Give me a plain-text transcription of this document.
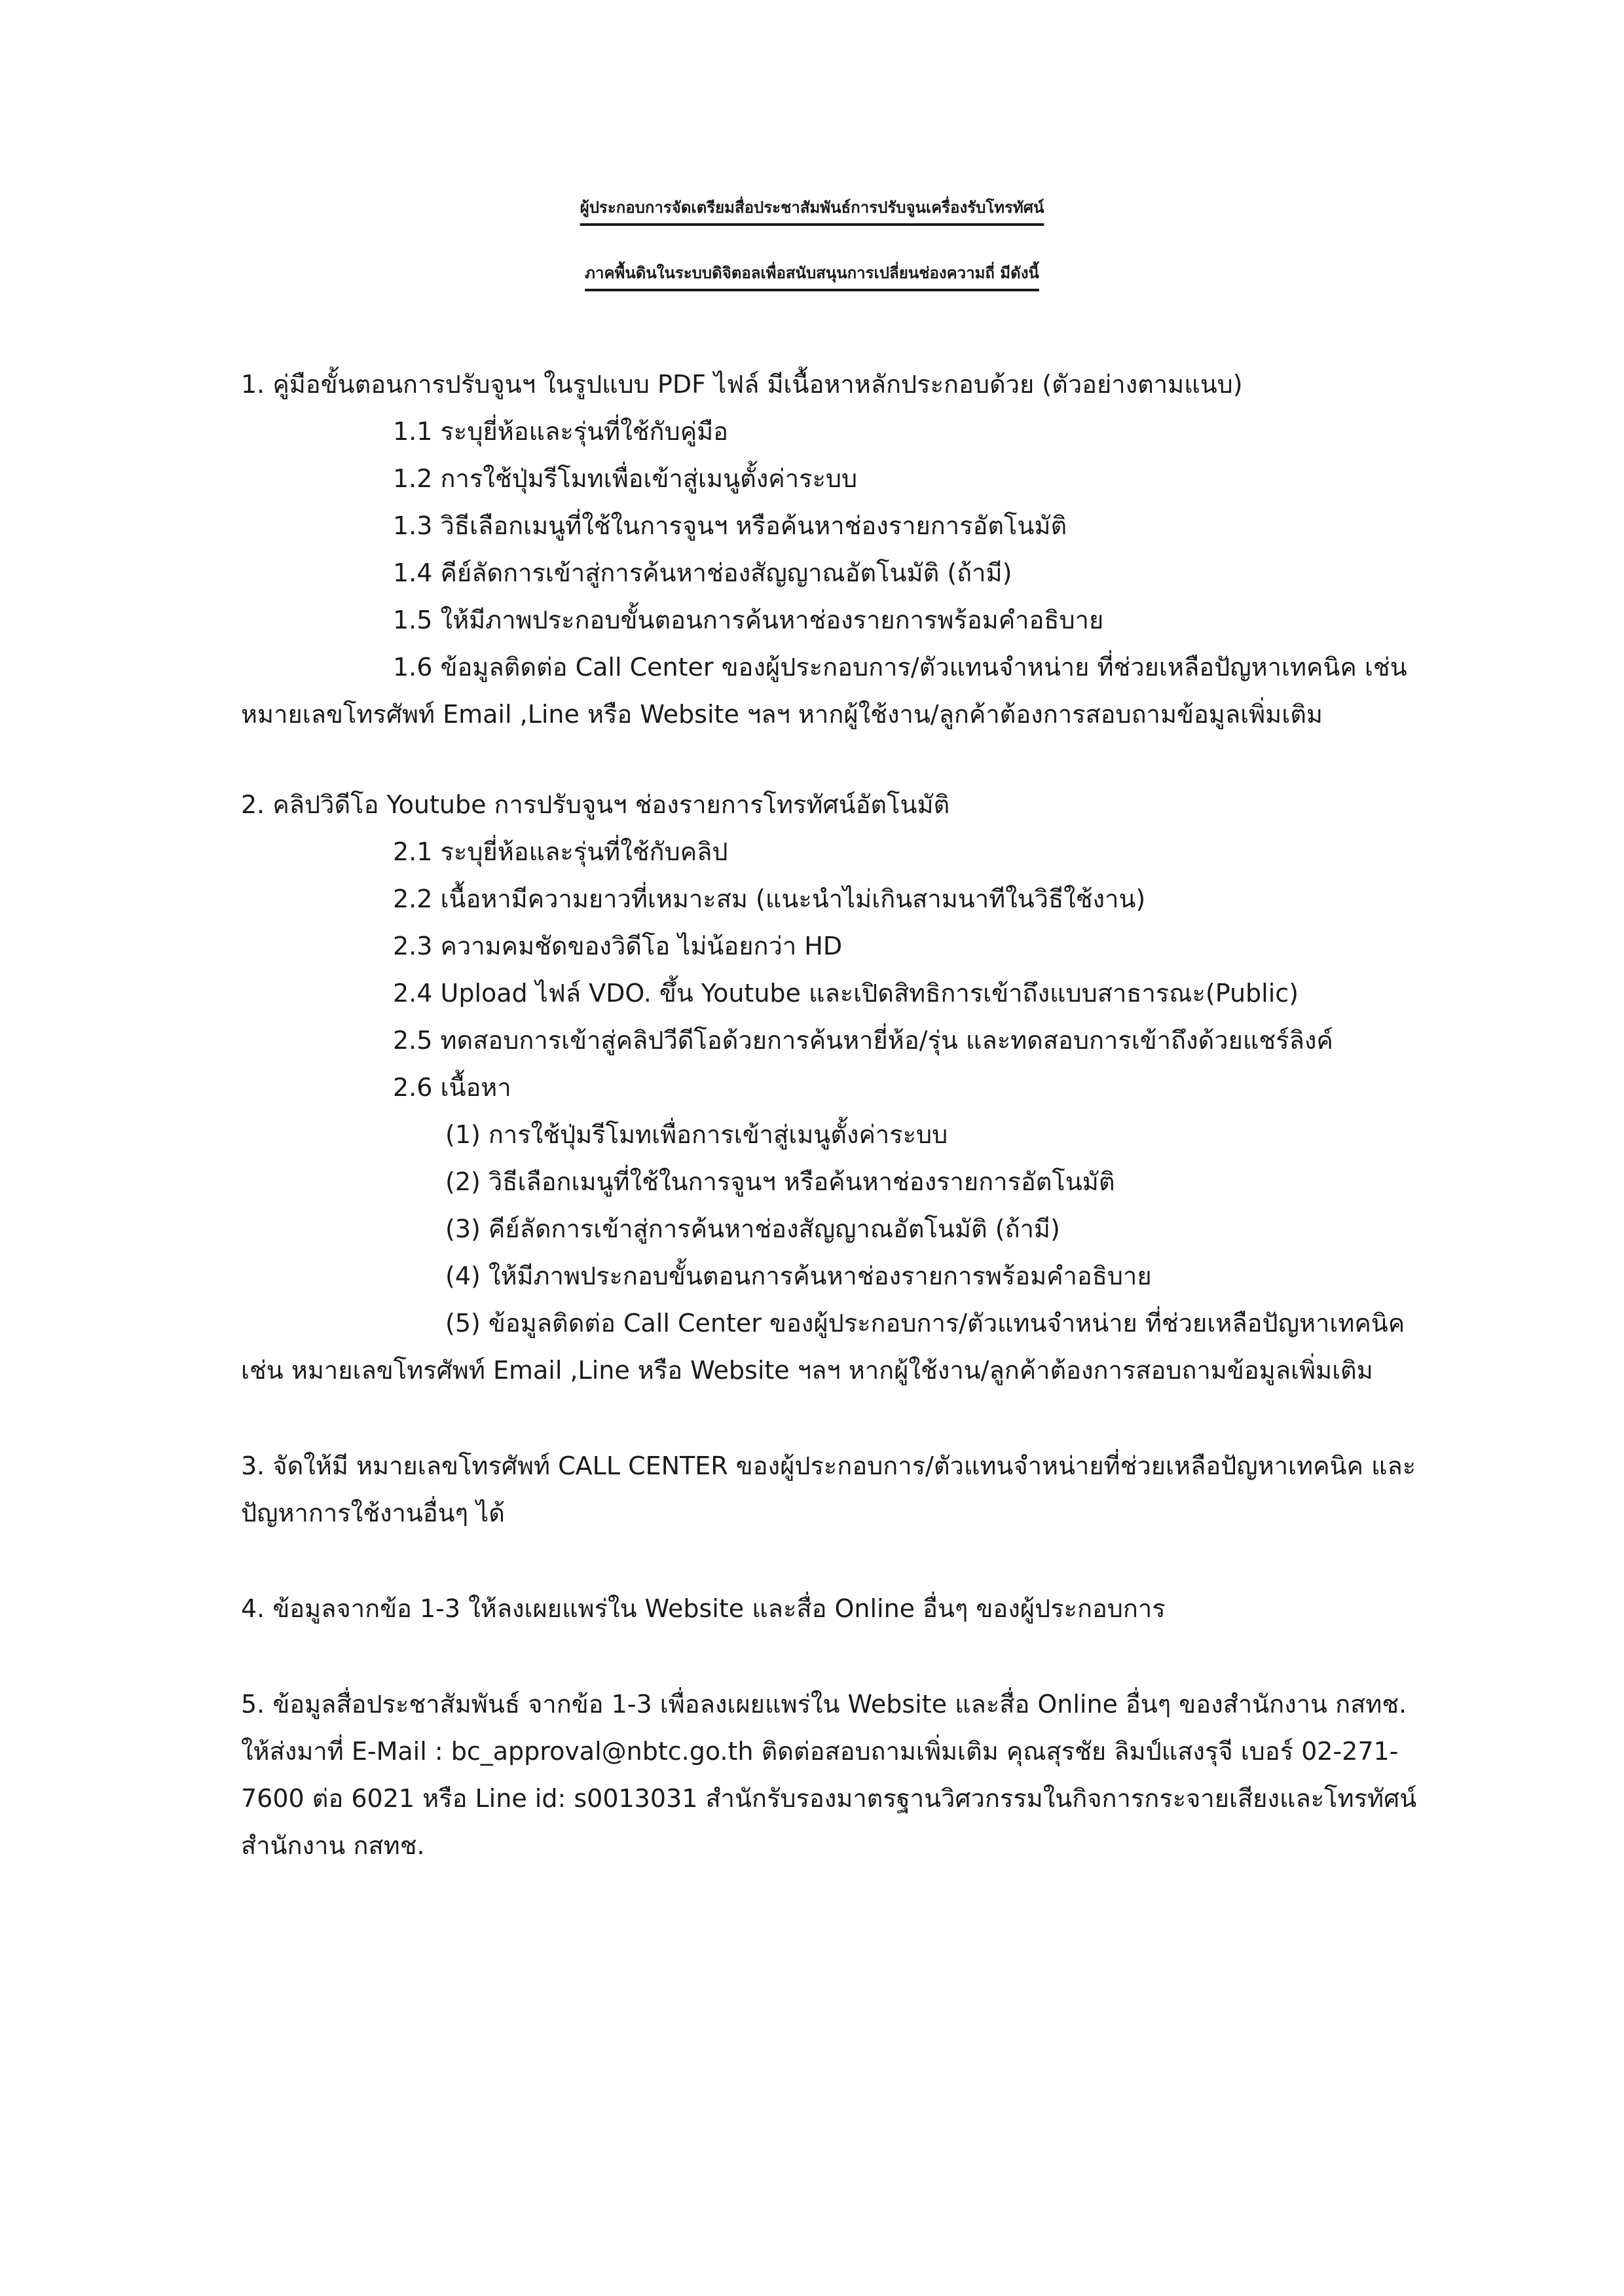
ผู้ประกอบการจัดเตรียมสื่อประชาสัมพันธ์การปรับจูนเครื่องรับโทรทัศน์
ภาคพื้นดินในระบบดิจิตอลเพื่อสนับสนุนการเปลี่ยนช่องความถี่ มีดังนี้
1. คู่มือขั้นตอนการปรับจูนฯ ในรูปแบบ PDF ไฟล์ มีเนื้อหาหลักประกอบด้วย (ตัวอย่างตามแนบ)
1.1 ระบุยี่ห้อและรุ่นที่ใช้กับคู่มือ
1.2 การใช้ปุ่มรีโมทเพื่อเข้าสู่เมนูตั้งค่าระบบ
1.3 วิธีเลือกเมนูที่ใช้ในการจูนฯ หรือค้นหาช่องรายการอัตโนมัติ
1.4 คีย์ลัดการเข้าสู่การค้นหาช่องสัญญาณอัตโนมัติ (ถ้ามี)
1.5 ให้มีภาพประกอบขั้นตอนการค้นหาช่องรายการพร้อมคำอธิบาย
1.6 ข้อมูลติดต่อ Call Center ของผู้ประกอบการ/ตัวแทนจำหน่าย ที่ช่วยเหลือปัญหาเทคนิค เช่น
หมายเลขโทรศัพท์ Email ,Line หรือ Website ฯลฯ หากผู้ใช้งาน/ลูกค้าต้องการสอบถามข้อมูลเพิ่มเติม
2. คลิปวิดีโอ Youtube การปรับจูนฯ ช่องรายการโทรทัศน์อัตโนมัติ
2.1 ระบุยี่ห้อและรุ่นที่ใช้กับคลิป
2.2 เนื้อหามีความยาวที่เหมาะสม (แนะนำไม่เกินสามนาทีในวิธีใช้งาน)
2.3 ความคมชัดของวิดีโอ ไม่น้อยกว่า HD
2.4 Upload ไฟล์ VDO. ขึ้น Youtube และเปิดสิทธิการเข้าถึงแบบสาธารณะ(Public)
2.5 ทดสอบการเข้าสู่คลิปวีดีโอด้วยการค้นหายี่ห้อ/รุ่น และทดสอบการเข้าถึงด้วยแชร์ลิงค์
2.6 เนื้อหา
(1) การใช้ปุ่มรีโมทเพื่อการเข้าสู่เมนูตั้งค่าระบบ
(2) วิธีเลือกเมนูที่ใช้ในการจูนฯ หรือค้นหาช่องรายการอัตโนมัติ
(3) คีย์ลัดการเข้าสู่การค้นหาช่องสัญญาณอัตโนมัติ (ถ้ามี)
(4) ให้มีภาพประกอบขั้นตอนการค้นหาช่องรายการพร้อมคำอธิบาย
(5) ข้อมูลติดต่อ Call Center ของผู้ประกอบการ/ตัวแทนจำหน่าย ที่ช่วยเหลือปัญหาเทคนิค
เช่น หมายเลขโทรศัพท์ Email ,Line หรือ Website ฯลฯ หากผู้ใช้งาน/ลูกค้าต้องการสอบถามข้อมูลเพิ่มเติม
3. จัดให้มี หมายเลขโทรศัพท์ CALL CENTER ของผู้ประกอบการ/ตัวแทนจำหน่ายที่ช่วยเหลือปัญหาเทคนิค และ
ปัญหาการใช้งานอื่นๆ ได้
4. ข้อมูลจากข้อ 1-3 ให้ลงเผยแพร่ใน Website และสื่อ Online อื่นๆ ของผู้ประกอบการ
5. ข้อมูลสื่อประชาสัมพันธ์ จากข้อ 1-3 เพื่อลงเผยแพร่ใน Website และสื่อ Online อื่นๆ ของสำนักงาน กสทช.
ให้ส่งมาที่ E-Mail : bc_approval@nbtc.go.th ติดต่อสอบถามเพิ่มเติม คุณสุรชัย ลิมป์แสงรุจี เบอร์ 02-271-
7600 ต่อ 6021 หรือ Line id: s0013031 สำนักรับรองมาตรฐานวิศวกรรมในกิจการกระจายเสียงและโทรทัศน์
สำนักงาน กสทช.
